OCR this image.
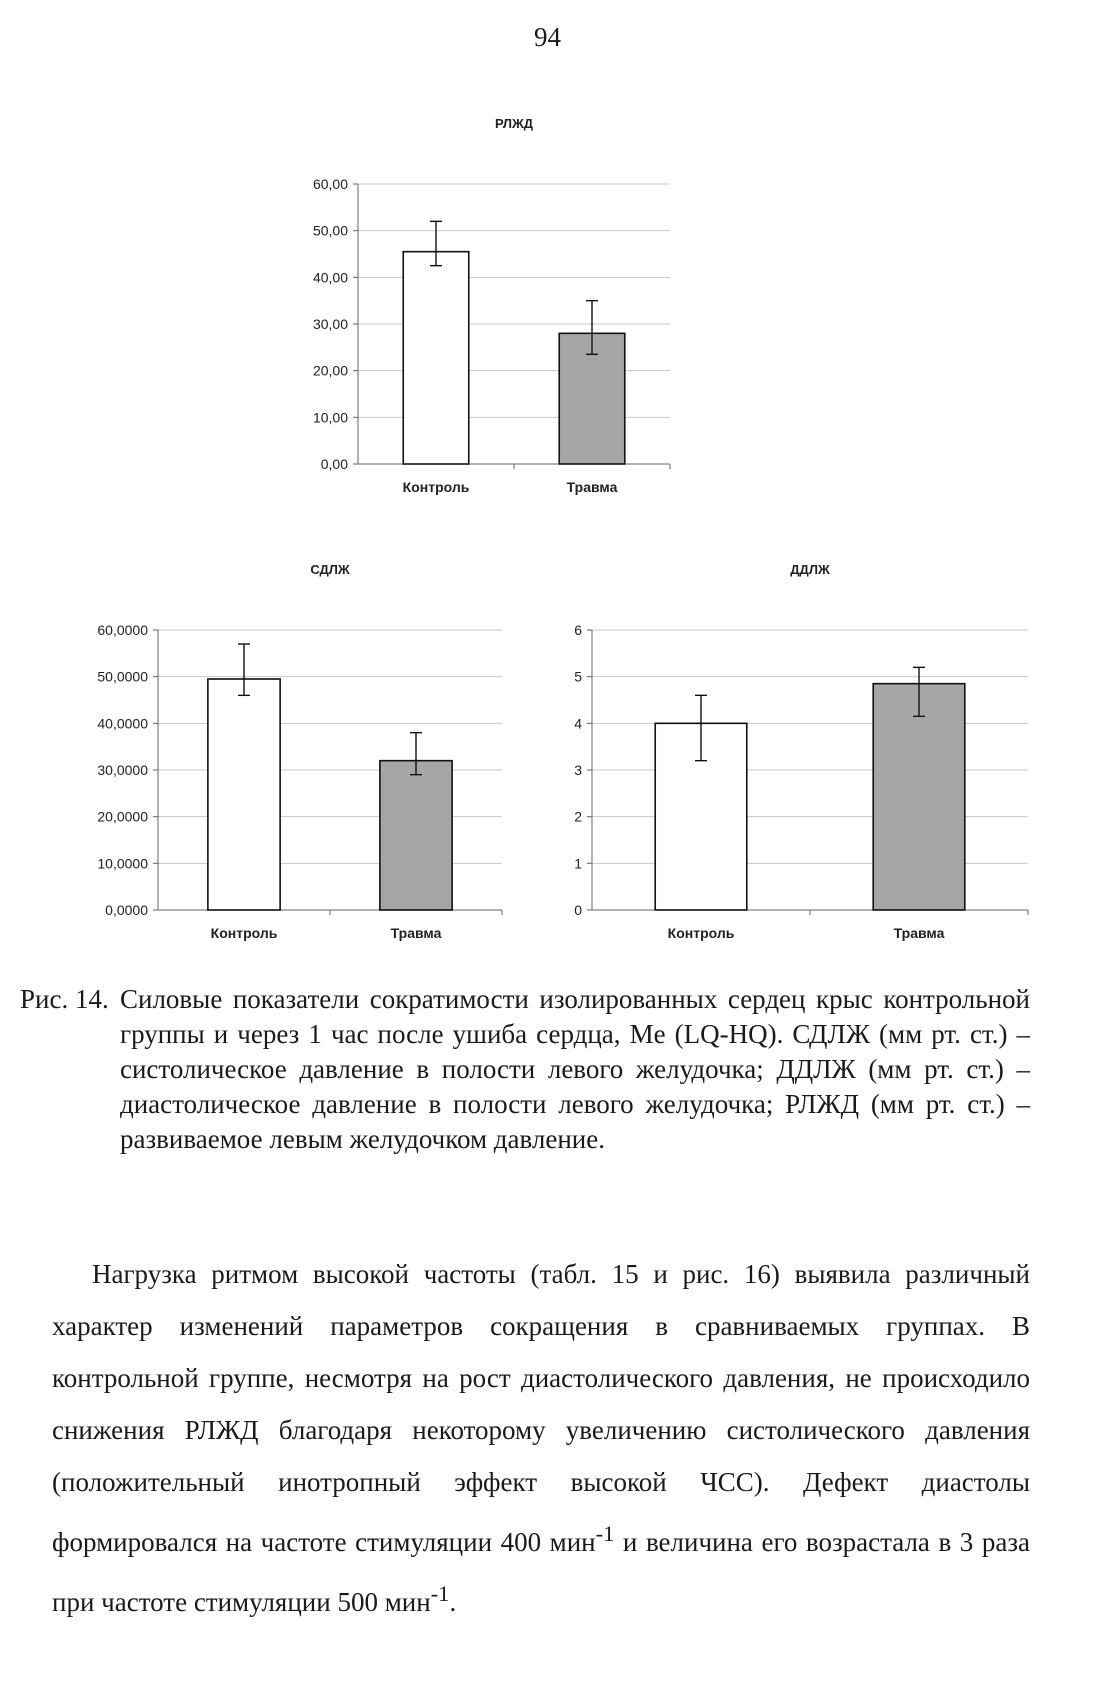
94
РЛЖД
0,00
10,00
20,00
30,00
40,00
50,00
60,00
Контроль	Травма
СДЛЖ
0,0000
10,0000
20,0000
30,0000
40,0000
50,0000
60,0000
Контроль	Травма
ДДЛЖ
0
1
2
3
4
5
6
Контроль	Травма
Рис. 14. Силовые показатели сократимости изолированных сердец крыс контрольной группы и через 1 час после ушиба сердца, Me (LQ-HQ). СДЛЖ (мм рт. ст.) – систолическое давление в полости левого желудочка; ДДЛЖ (мм рт. ст.) – диастолическое давление в полости левого желудочка; РЛЖД (мм рт. ст.) – развиваемое левым желудочком давление.

Нагрузка ритмом высокой частоты (табл. 15 и рис. 16) выявила различный характер изменений параметров сокращения в сравниваемых группах. В контрольной группе, несмотря на рост диастолического давления, не происходило снижения РЛЖД благодаря некоторому увеличению систолического давления (положительный инотропный эффект высокой ЧСС). Дефект диастолы формировался на частоте стимуляции 400 мин$^{-1}$ и величина его возрастала в 3 раза при частоте стимуляции 500 мин$^{-1}$.
